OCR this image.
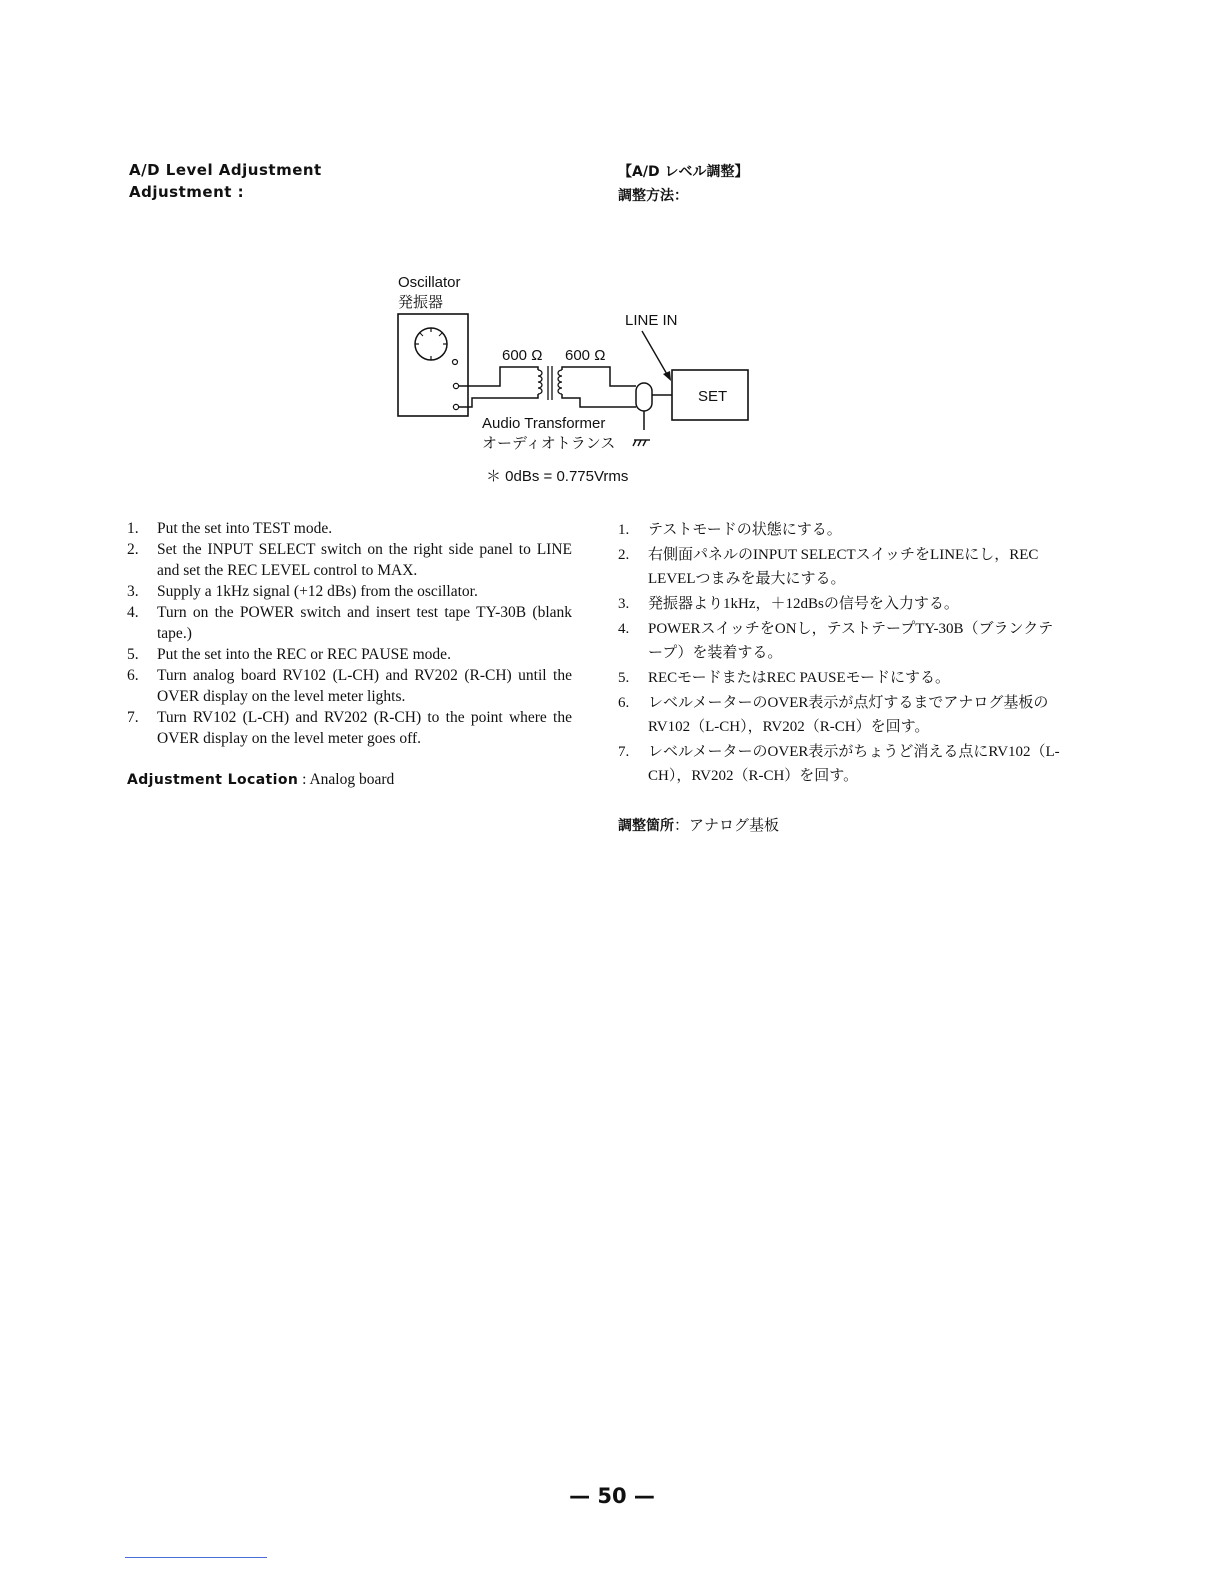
A/D Level Adjustment
Adjustment :
【A/D レベル調整】
調整方法：
Oscillator
発振器
600 Ω 600 Ω
SET
LINE IN
Audio Transformer
オーディオトランス
＊ 0dBs = 0.775Vrms
1. Put the set into TEST mode.
2. Set the INPUT SELECT switch on the right side panel to LINE and set the REC LEVEL control to MAX.
3. Supply a 1kHz signal (+12 dBs) from the oscillator.
4. Turn on the POWER switch and insert test tape TY-30B (blank tape.)
5. Put the set into the REC or REC PAUSE mode.
6. Turn analog board RV102 (L-CH) and RV202 (R-CH) until the OVER display on the level meter lights.
7. Turn RV102 (L-CH) and RV202 (R-CH) to the point where the OVER display on the level meter goes off.
Adjustment Location : Analog board
1. テストモードの状態にする。
2. 右側面パネルのINPUT SELECTスイッチをLINEにし，REC LEVELつまみを最大にする。
3. 発振器より1kHz，＋12dBsの信号を入力する。
4. POWERスイッチをONし，テストテープTY-30B（ブランクテープ）を装着する。
5. RECモードまたはREC PAUSEモードにする。
6. レベルメーターのOVER表示が点灯するまでアナログ基板のRV102（L-CH），RV202（R-CH）を回す。
7. レベルメーターのOVER表示がちょうど消える点にRV102（L-CH），RV202（R-CH）を回す。
調整箇所：アナログ基板
— 50 —
